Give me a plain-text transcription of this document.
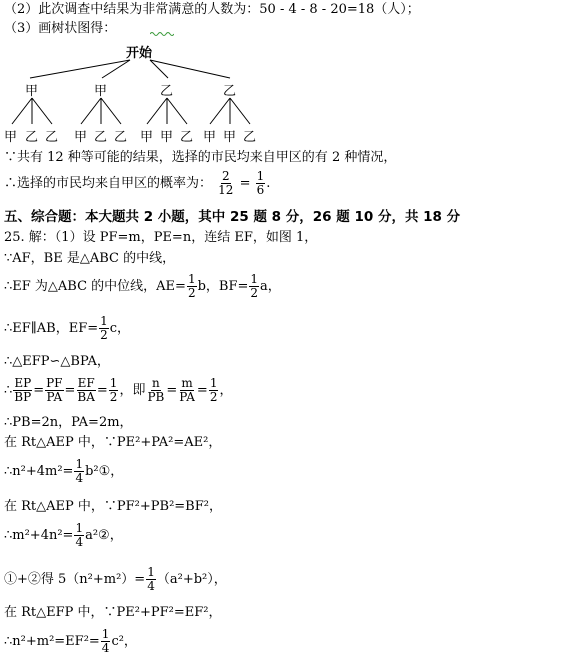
（2）此次调查中结果为非常满意的人数为：50 - 4 - 8 - 20=18（人）；
（3）画树状图得：
开始
甲	甲	乙	乙
甲 乙 乙 甲 乙 乙 甲 甲 乙 甲 甲 乙
∵共有 12 种等可能的结果，选择的市民均来自甲区的有 2 种情况，
∴选择的市民均来自甲区的概率为： $\frac{2}{12} = \frac{1}{6}$ .
五、综合题：本大题共 2 小题，其中 25 题 8 分，26 题 10 分，共 18 分
25. 解：（1）设 PF=m，PE=n，连结 EF，如图 1，
∵AF，BE 是△ABC 的中线，
∴EF 为△ABC 的中位线，$AE= \frac{1}{2}$ b，$BF= \frac{1}{2}$ a，
∴EF∥AB，$EF= \frac{1}{2}$ c，
∴△EFP∽△BPA，
∴ $\frac{EP}{BP} = \frac{PF}{PA} = \frac{EF}{BA} = \frac{1}{2}$ ，即 $\frac{n}{PB} = \frac{m}{PA} = \frac{1}{2}$ ，
∴PB=2n，PA=2m，
在 Rt△AEP 中，∵PE²+PA²=AE²，
∴n²+4m²= $\frac{1}{4}$ b²①，
在 Rt△AEP 中，∵PF²+PB²=BF²，
∴m²+4n²= $\frac{1}{4}$ a²②，
①+②得 $5(n^2+m^2)= \frac{1}{4} (a^2+b^2)$，
在 Rt△EFP 中，∵PE²+PF²=EF²，
∴n²+m²=EF²= $\frac{1}{4} c^2$，
